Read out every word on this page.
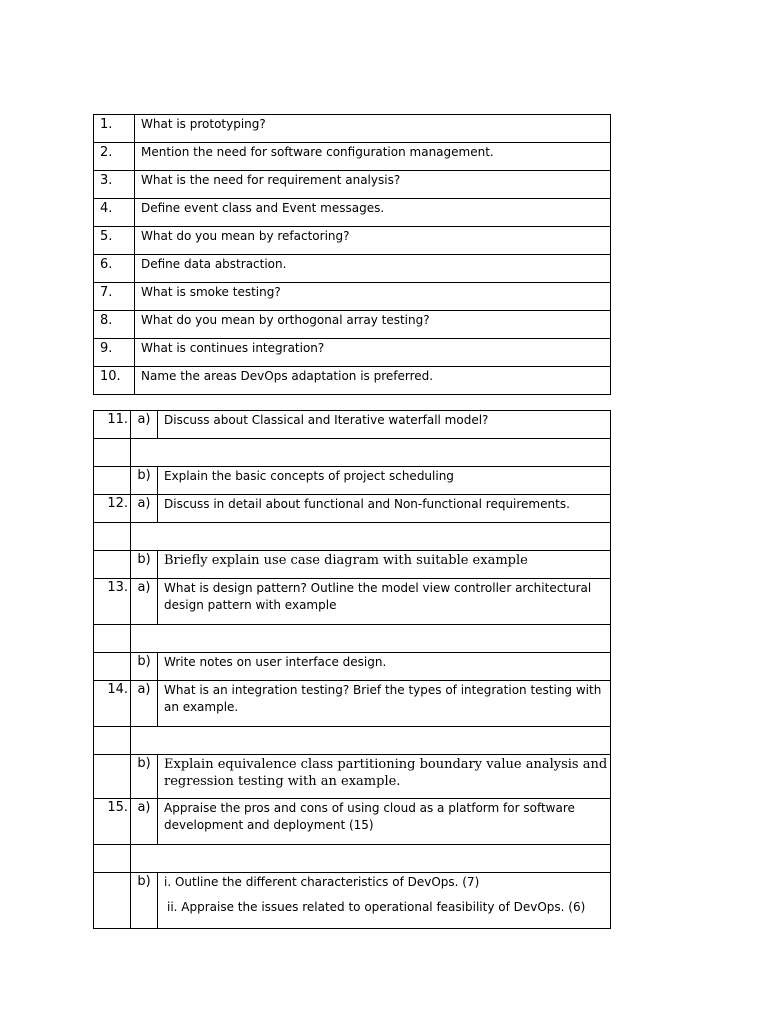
1.	What is prototyping?
2.	Mention the need for software configuration management.
3.	What is the need for requirement analysis?
4.	Define event class and Event messages.
5.	What do you mean by refactoring?
6.	Define data abstraction.
7.	What is smoke testing?
8.	What do you mean by orthogonal array testing?
9.	What is continues integration?
10.	Name the areas DevOps adaptation is preferred.
11.	a)	Discuss about Classical and Iterative waterfall model?

	b)	Explain the basic concepts of project scheduling
12.	a)	Discuss in detail about functional and Non-functional requirements.

	b)	Briefly explain use case diagram with suitable example
13.	a)	What is design pattern? Outline the model view controller architectural design pattern with example

	b)	Write notes on user interface design.
14.	a)	What is an integration testing? Brief the types of integration testing with an example.

	b)	Explain equivalence class partitioning boundary value analysis and regression testing with an example.
15.	a)	Appraise the pros and cons of using cloud as a platform for software development and deployment (15)

	b)	i. Outline the different characteristics of DevOps. (7)
ii. Appraise the issues related to operational feasibility of DevOps. (6)
